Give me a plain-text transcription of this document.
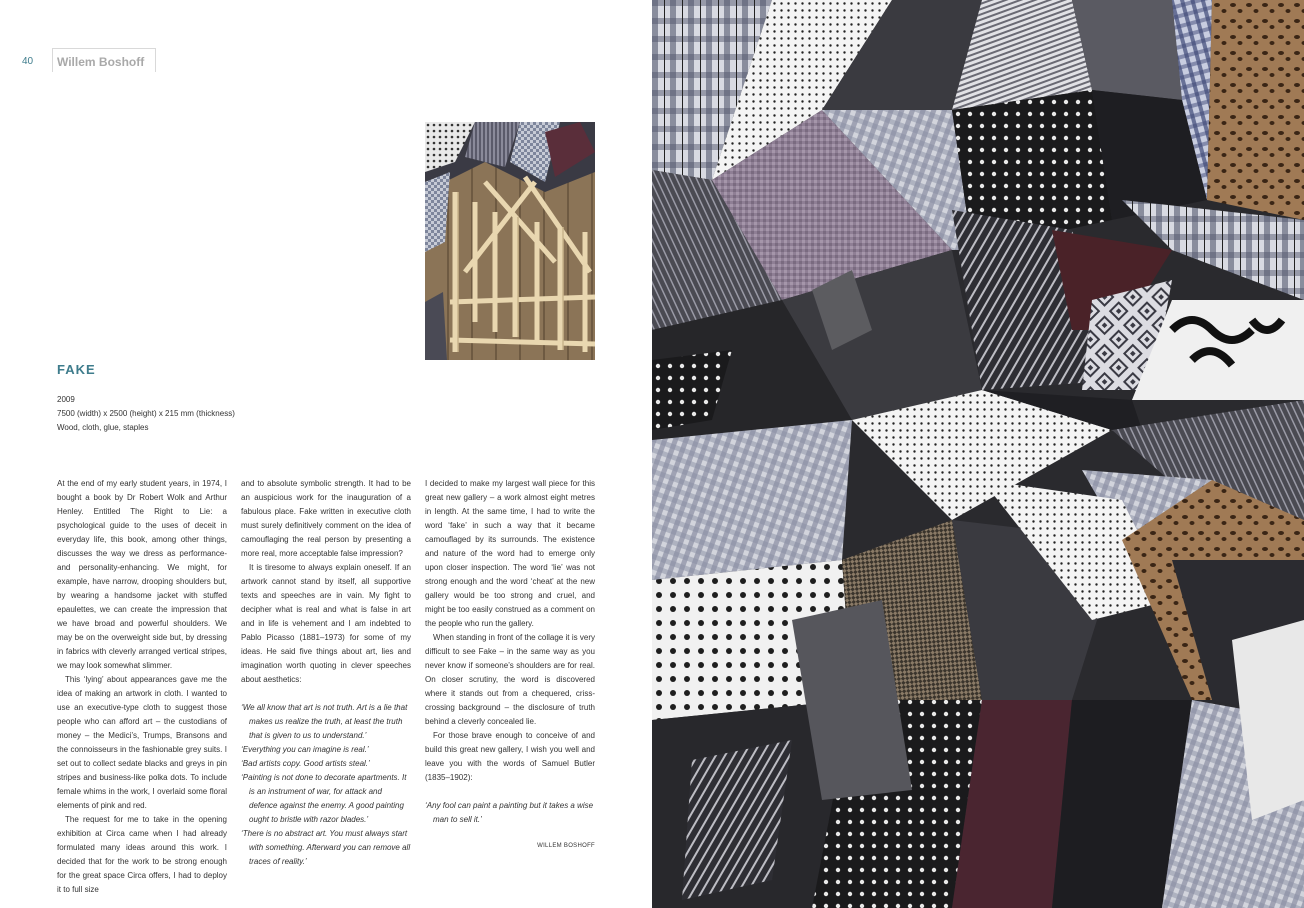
40 Willem Boshoff
FAKE
2009
7500 (width) x 2500 (height) x 215 mm (thickness)
Wood, cloth, glue, staples

At the end of my early student years, in 1974, I bought a book by Dr Robert Wolk and Arthur Henley. Entitled The Right to Lie: a psychological guide to the uses of deceit in everyday life, this book, among other things, discusses the way we dress as performance- and personality-enhancing. We might, for example, have narrow, drooping shoulders but, by wearing a handsome jacket with stuffed epaulettes, we can create the impression that we have broad and powerful shoulders. We may be on the overweight side but, by dressing in fabrics with cleverly arranged vertical stripes, we may look somewhat slimmer.

This ‘lying’ about appearances gave me the idea of making an artwork in cloth. I wanted to use an executive-type cloth to suggest those people who can afford art – the custodians of money – the Medici’s, Trumps, Bransons and the connoisseurs in the fashionable grey suits. I set out to collect sedate blacks and greys in pin stripes and business-like polka dots. To include female whims in the work, I overlaid some floral elements of pink and red.

The request for me to take in the opening exhibition at Circa came when I had already formulated many ideas around this work. I decided that for the work to be strong enough for the great space Circa offers, I had to deploy it to full size

and to absolute symbolic strength. It had to be an auspicious work for the inauguration of a fabulous place. Fake written in executive cloth must surely definitively comment on the idea of camouflaging the real person by presenting a more real, more acceptable false impression?

It is tiresome to always explain oneself. If an artwork cannot stand by itself, all supportive texts and speeches are in vain. My fight to decipher what is real and what is false in art and in life is vehement and I am indebted to Pablo Picasso (1881–1973) for some of my ideas. He said five things about art, lies and imagination worth quoting in clever speeches about aesthetics:

‘We all know that art is not truth. Art is a lie that makes us realize the truth, at least the truth that is given to us to understand.’

‘Everything you can imagine is real.’

‘Bad artists copy. Good artists steal.’

‘Painting is not done to decorate apartments. It is an instrument of war, for attack and defence against the enemy. A good painting ought to bristle with razor blades.’

‘There is no abstract art. You must always start with something. Afterward you can remove all traces of reality.’

I decided to make my largest wall piece for this great new gallery – a work almost eight metres in length. At the same time, I had to write the word ‘fake’ in such a way that it became camouflaged by its surrounds. The existence and nature of the word had to emerge only upon closer inspection. The word ‘lie’ was not strong enough and the word ‘cheat’ at the new gallery would be too strong and cruel, and might be too easily construed as a comment on the people who run the gallery.

When standing in front of the collage it is very difficult to see Fake – in the same way as you never know if someone’s shoulders are for real. On closer scrutiny, the word is discovered where it stands out from a chequered, criss-crossing background – the disclosure of truth behind a cleverly concealed lie.

For those brave enough to conceive of and build this great new gallery, I wish you well and leave you with the words of Samuel Butler (1835–1902):

‘Any fool can paint a painting but it takes a wise man to sell it.’

WILLEM BOSHOFF
